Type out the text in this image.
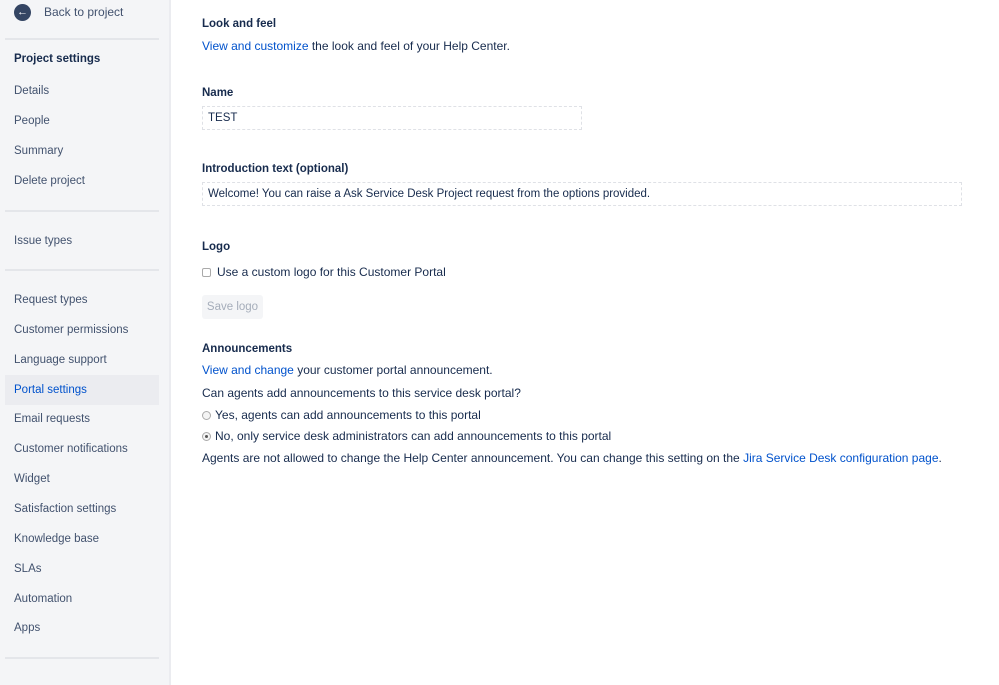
← Back to project
Project settings
Details
People
Summary
Delete project
Issue types
Request types
Customer permissions
Language support
Portal settings
Email requests
Customer notifications
Widget
Satisfaction settings
Knowledge base
SLAs
Automation
Apps
Look and feel
View and customize the look and feel of your Help Center.
Name
TEST
Introduction text (optional)
Welcome! You can raise a Ask Service Desk Project request from the options provided.
Logo
Use a custom logo for this Customer Portal
Save logo
Announcements
View and change your customer portal announcement.
Can agents add announcements to this service desk portal?
Yes, agents can add announcements to this portal
No, only service desk administrators can add announcements to this portal
Agents are not allowed to change the Help Center announcement. You can change this setting on the Jira Service Desk configuration page.
